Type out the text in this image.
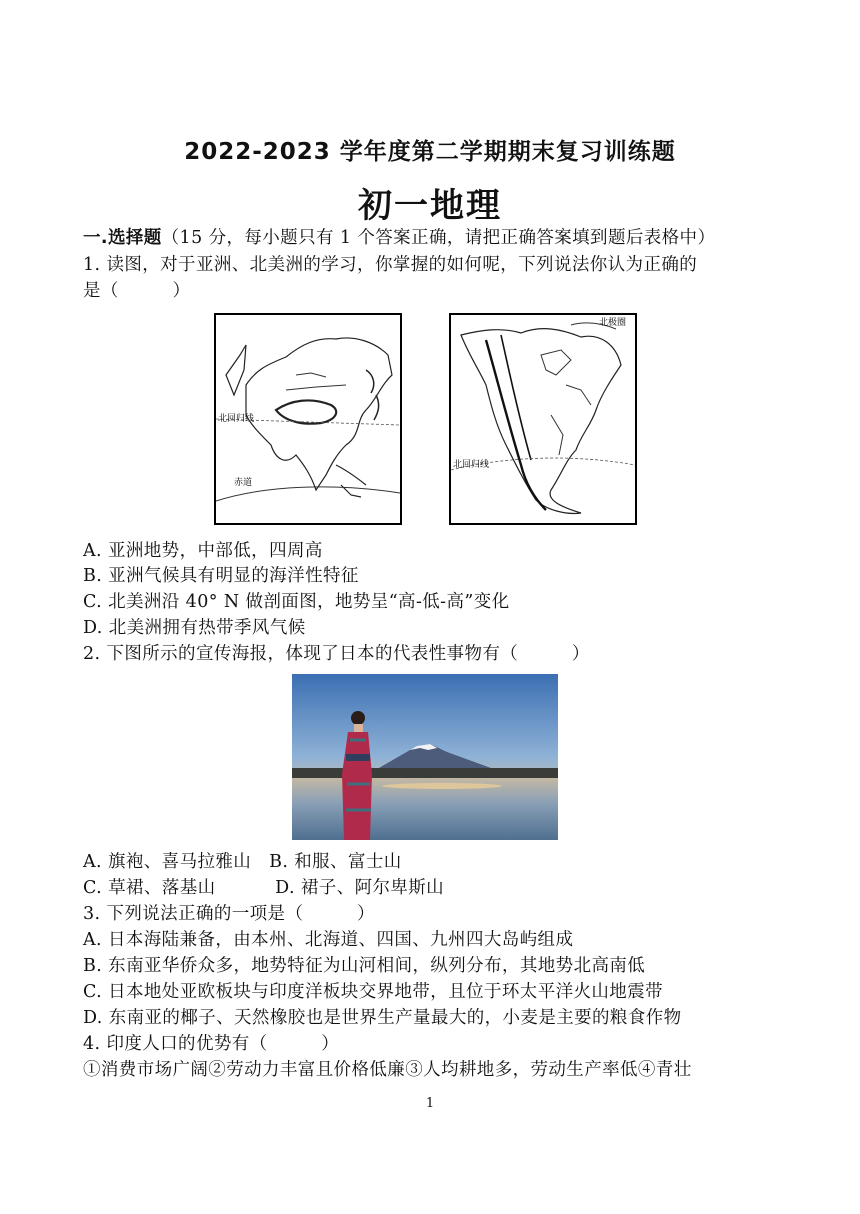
2022-2023 学年度第二学期期末复习训练题
初一地理
一.选择题（15 分，每小题只有 1 个答案正确，请把正确答案填到题后表格中）
1. 读图，对于亚洲、北美洲的学习，你掌握的如何呢，下列说法你认为正确的
是（　　　）
北回归线
赤道
北极圈
北回归线
A. 亚洲地势，中部低，四周高
B. 亚洲气候具有明显的海洋性特征
C. 北美洲沿 40° N 做剖面图，地势呈“高-低-高”变化
D. 北美洲拥有热带季风气候
2. 下图所示的宣传海报，体现了日本的代表性事物有（　　　）
A. 旗袍、喜马拉雅山　B. 和服、富士山
C. 草裙、落基山　　　 D. 裙子、阿尔卑斯山
3. 下列说法正确的一项是（　　　）
A. 日本海陆兼备，由本州、北海道、四国、九州四大岛屿组成
B. 东南亚华侨众多，地势特征为山河相间，纵列分布，其地势北高南低
C. 日本地处亚欧板块与印度洋板块交界地带，且位于环太平洋火山地震带
D. 东南亚的椰子、天然橡胶也是世界生产量最大的，小麦是主要的粮食作物
4. 印度人口的优势有（　　　）
①消费市场广阔②劳动力丰富且价格低廉③人均耕地多，劳动生产率低④青壮
1
